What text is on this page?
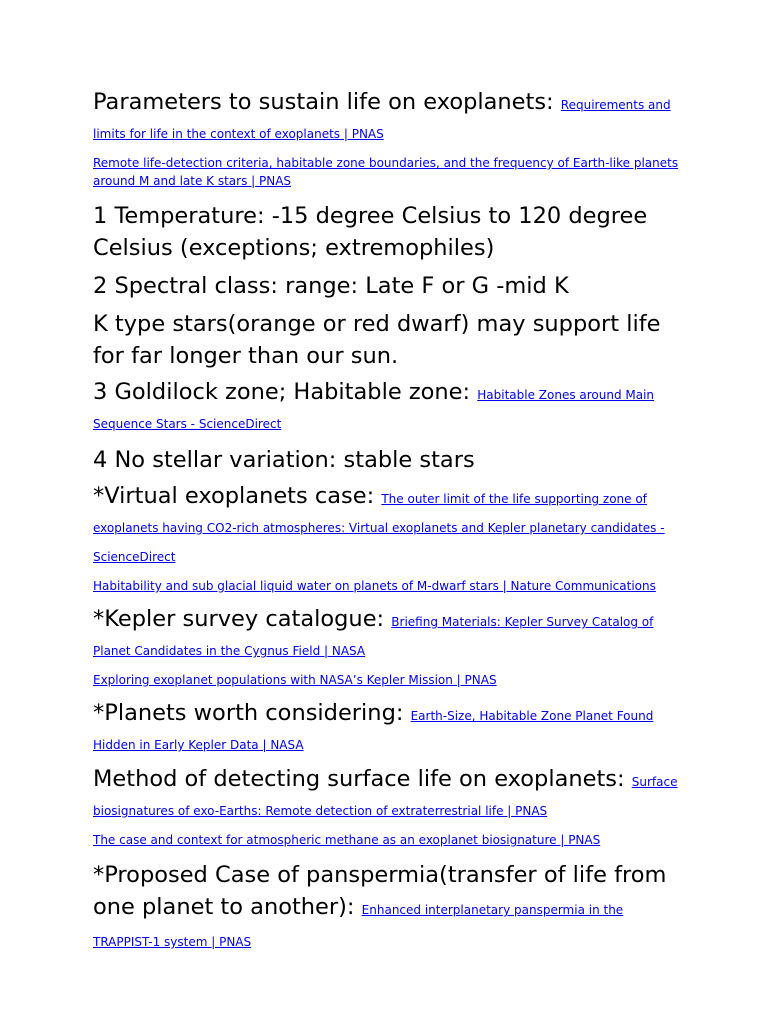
Parameters to sustain life on exoplanets: Requirements and limits for life in the context of exoplanets | PNAS

Remote life-detection criteria, habitable zone boundaries, and the frequency of Earth-like planets around M and late K stars | PNAS

1 Temperature: -15 degree Celsius to 120 degree Celsius (exceptions; extremophiles)

2 Spectral class: range: Late F or G -mid K

K type stars(orange or red dwarf) may support life for far longer than our sun.

3 Goldilock zone; Habitable zone: Habitable Zones around Main Sequence Stars - ScienceDirect

4 No stellar variation: stable stars

*Virtual exoplanets case: The outer limit of the life supporting zone of exoplanets having CO2-rich atmospheres: Virtual exoplanets and Kepler planetary candidates - ScienceDirect

Habitability and sub glacial liquid water on planets of M-dwarf stars | Nature Communications

*Kepler survey catalogue: Briefing Materials: Kepler Survey Catalog of Planet Candidates in the Cygnus Field | NASA

Exploring exoplanet populations with NASA’s Kepler Mission | PNAS

*Planets worth considering: Earth-Size, Habitable Zone Planet Found Hidden in Early Kepler Data | NASA

Method of detecting surface life on exoplanets: Surface biosignatures of exo-Earths: Remote detection of extraterrestrial life | PNAS

The case and context for atmospheric methane as an exoplanet biosignature | PNAS

*Proposed Case of panspermia(transfer of life from one planet to another): Enhanced interplanetary panspermia in the TRAPPIST-1 system | PNAS
